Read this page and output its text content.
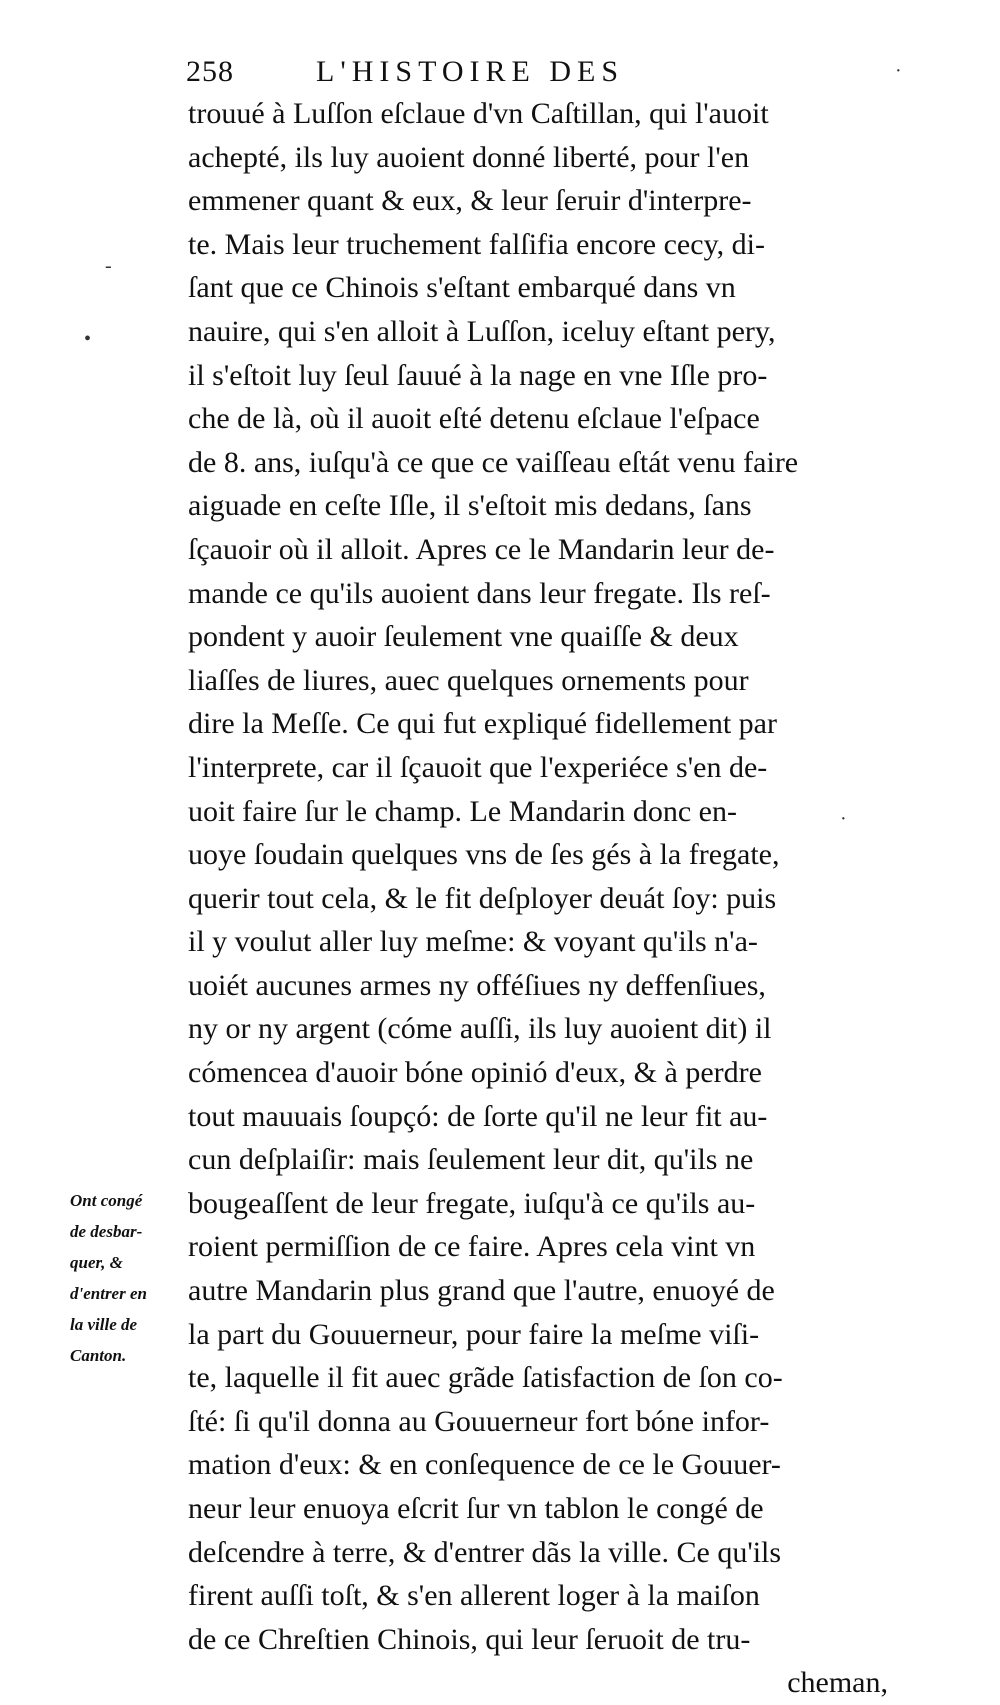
258	L'HISTOIRE DES
trouué à Luſſon eſclaue d'vn Caſtillan, qui l'auoit
achepté, ils luy auoient donné liberté, pour l'en
emmener quant & eux, & leur ſeruir d'interpre-
te. Mais leur truchement falſifia encore cecy, di-
ſant que ce Chinois s'eſtant embarqué dans vn
nauire, qui s'en alloit à Luſſon, iceluy eſtant pery,
il s'eſtoit luy ſeul ſauué à la nage en vne Iſle pro-
che de là, où il auoit eſté detenu eſclaue l'eſpace
de 8. ans, iuſqu'à ce que ce vaiſſeau eſtát venu faire
aiguade en ceſte Iſle, il s'eſtoit mis dedans, ſans
ſçauoir où il alloit. Apres ce le Mandarin leur de-
mande ce qu'ils auoient dans leur fregate. Ils reſ-
pondent y auoir ſeulement vne quaiſſe & deux
liaſſes de liures, auec quelques ornements pour
dire la Meſſe. Ce qui fut expliqué fidellement par
l'interprete, car il ſçauoit que l'experiéce s'en de-
uoit faire ſur le champ. Le Mandarin donc en-
uoye ſoudain quelques vns de ſes gés à la fregate,
querir tout cela, & le fit deſployer deuát ſoy: puis
il y voulut aller luy meſme: & voyant qu'ils n'a-
uoiét aucunes armes ny offéſiues ny deffenſiues,
ny or ny argent (cóme auſſi, ils luy auoient dit) il
cómencea d'auoir bóne opinió d'eux, & à perdre
tout mauuais ſoupçó: de ſorte qu'il ne leur fit au-
cun deſplaiſir: mais ſeulement leur dit, qu'ils ne
bougeaſſent de leur fregate, iuſqu'à ce qu'ils au-
roient permiſſion de ce faire. Apres cela vint vn
autre Mandarin plus grand que l'autre, enuoyé de
la part du Gouuerneur, pour faire la meſme viſi-
te, laquelle il fit auec grãde ſatisfaction de ſon co-
ſté: ſi qu'il donna au Gouuerneur fort bóne infor-
mation d'eux: & en conſequence de ce le Gouuer-
neur leur enuoya eſcrit ſur vn tablon le congé de
deſcendre à terre, & d'entrer dãs la ville. Ce qu'ils
firent auſſi toſt, & s'en allerent loger à la maiſon
de ce Chreſtien Chinois, qui leur ſeruoit de tru-
cheman,
Ont congé
de desbar-
quer, &
d'entrer en
la ville de
Canton.
•
-
·
·
